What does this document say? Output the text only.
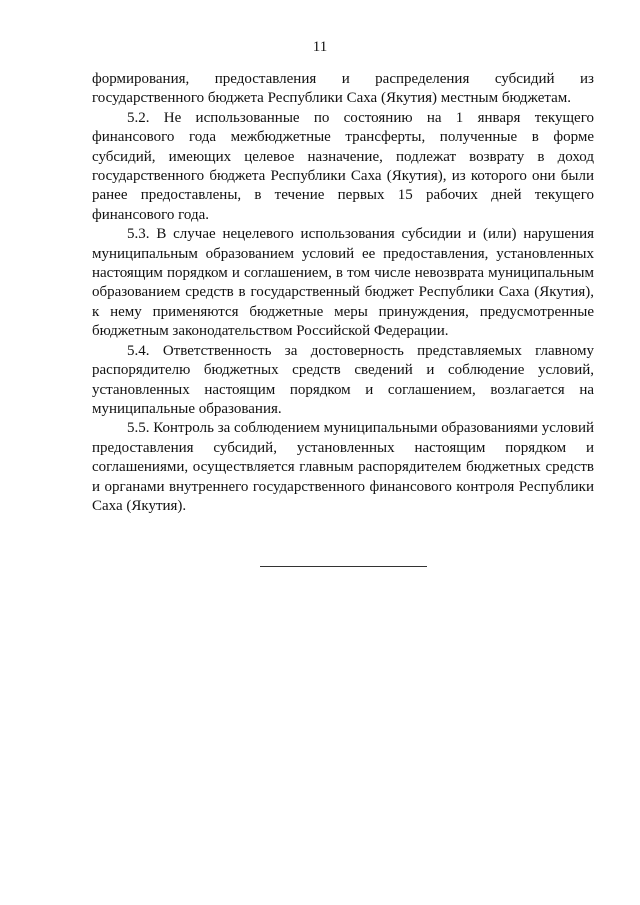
11

формирования, предоставления и распределения субсидий из государственного бюджета Республики Саха (Якутия) местным бюджетам.

5.2. Не использованные по состоянию на 1 января текущего финансового года межбюджетные трансферты, полученные в форме субсидий, имеющих целевое назначение, подлежат возврату в доход государственного бюджета Республики Саха (Якутия), из которого они были ранее предоставлены, в течение первых 15 рабочих дней текущего финансового года.

5.3. В случае нецелевого использования субсидии и (или) нарушения муниципальным образованием условий ее предоставления, установленных настоящим порядком и соглашением, в том числе невозврата муниципальным образованием средств в государственный бюджет Республики Саха (Якутия), к нему применяются бюджетные меры принуждения, предусмотренные бюджетным законодательством Российской Федерации.

5.4. Ответственность за достоверность представляемых главному распорядителю бюджетных средств сведений и соблюдение условий, установленных настоящим порядком и соглашением, возлагается на муниципальные образования.

5.5. Контроль за соблюдением муниципальными образованиями условий предоставления субсидий, установленных настоящим порядком и соглашениями, осуществляется главным распорядителем бюджетных средств и органами внутреннего государственного финансового контроля Республики Саха (Якутия).
